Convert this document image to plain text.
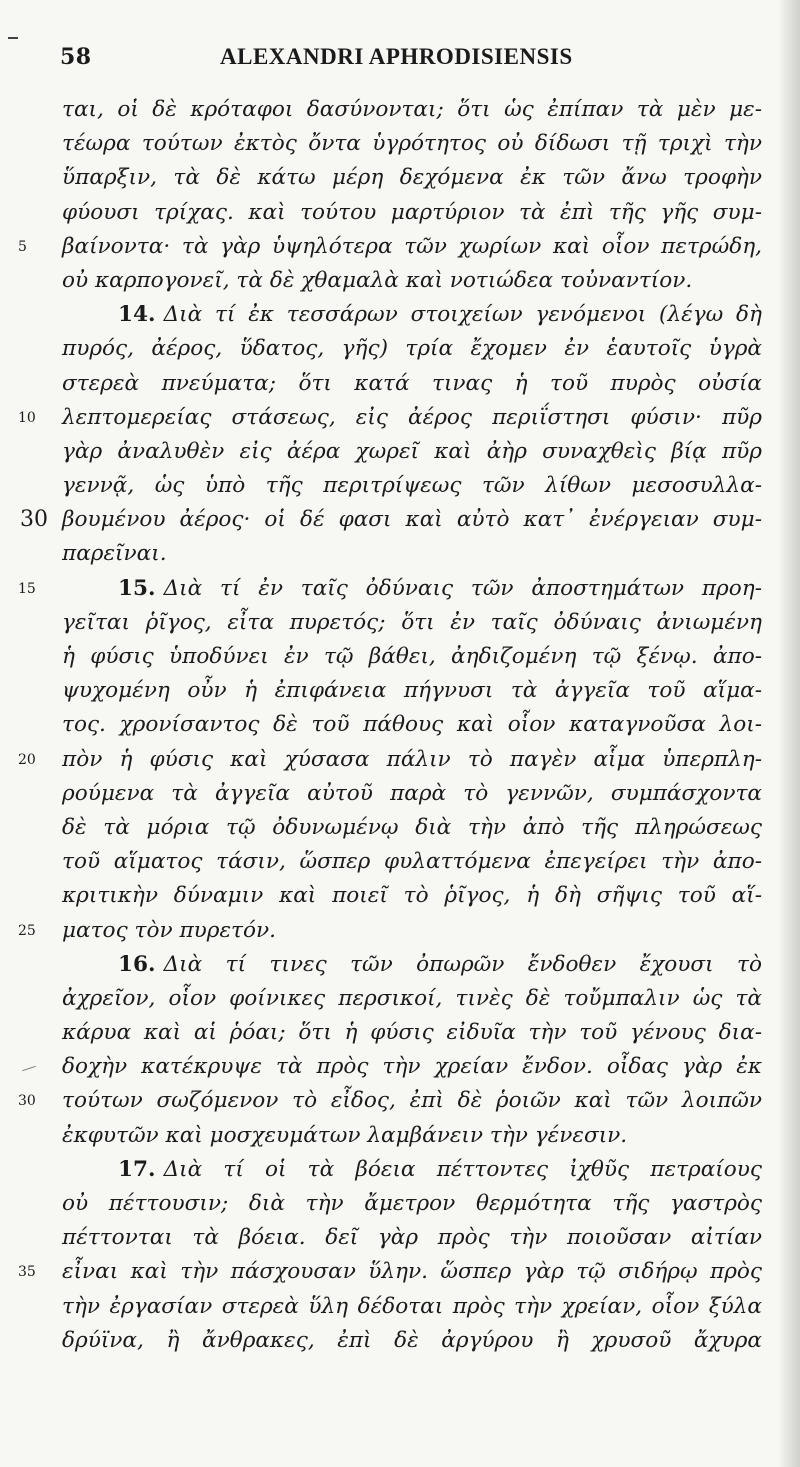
58	ALEXANDRI APHRODISIENSIS
ται, οἱ δὲ κρόταφοι δασύνονται; ὅτι ὡς ἐπίπαν τὰ μὲν με-
τέωρα τούτων ἐκτὸς ὄντα ὑγρότητος οὐ δίδωσι τῇ τριχὶ τὴν
ὕπαρξιν, τὰ δὲ κάτω μέρη δεχόμενα ἐκ τῶν ἄνω τροφὴν
φύουσι τρίχας. καὶ τούτου μαρτύριον τὰ ἐπὶ τῆς γῆς συμ-
5	βαίνοντα· τὰ γὰρ ὑψηλότερα τῶν χωρίων καὶ οἷον πετρώδη,
οὐ καρπογονεῖ, τὰ δὲ χθαμαλὰ καὶ νοτιώδεα τοὐναντίον.
14. Διὰ τί ἐκ τεσσάρων στοιχείων γενόμενοι (λέγω δὴ
πυρός, ἀέρος, ὕδατος, γῆς) τρία ἔχομεν ἐν ἑαυτοῖς ὑγρὰ
στερεὰ πνεύματα; ὅτι κατά τινας ἡ τοῦ πυρὸς οὐσία
10	λεπτομερείας στάσεως, εἰς ἀέρος περιΐστησι φύσιν· πῦρ
γὰρ ἀναλυθὲν εἰς ἀέρα χωρεῖ καὶ ἀὴρ συναχθεὶς βίᾳ πῦρ
γεννᾷ, ὡς ὑπὸ τῆς περιτρίψεως τῶν λίθων μεσοσυλλα-
30 βουμένου ἀέρος· οἱ δέ φασι καὶ αὐτὸ κατ᾽ ἐνέργειαν συμ-
παρεῖναι.
15	15. Διὰ τί ἐν ταῖς ὀδύναις τῶν ἀποστημάτων προη-
γεῖται ῥῖγος, εἶτα πυρετός; ὅτι ἐν ταῖς ὀδύναις ἀνιωμένη
ἡ φύσις ὑποδύνει ἐν τῷ βάθει, ἀηδιζομένη τῷ ξένῳ. ἀπο-
ψυχομένη οὖν ἡ ἐπιφάνεια πήγνυσι τὰ ἀγγεῖα τοῦ αἵμα-
τος. χρονίσαντος δὲ τοῦ πάθους καὶ οἷον καταγνοῦσα λοι-
20	πὸν ἡ φύσις καὶ χύσασα πάλιν τὸ παγὲν αἷμα ὑπερπλη-
ρούμενα τὰ ἀγγεῖα αὐτοῦ παρὰ τὸ γεννῶν, συμπάσχοντα
δὲ τὰ μόρια τῷ ὀδυνωμένῳ διὰ τὴν ἀπὸ τῆς πληρώσεως
τοῦ αἵματος τάσιν, ὥσπερ φυλαττόμενα ἐπεγείρει τὴν ἀπο-
κριτικὴν δύναμιν καὶ ποιεῖ τὸ ῥῖγος, ἡ δὴ σῆψις τοῦ αἵ-
25	ματος τὸν πυρετόν.
16. Διὰ τί τινες τῶν ὀπωρῶν ἔνδοθεν ἔχουσι τὸ
ἀχρεῖον, οἷον φοίνικες περσικοί, τινὲς δὲ τοὔμπαλιν ὡς τὰ
κάρυα καὶ αἱ ῥόαι; ὅτι ἡ φύσις εἰδυῖα τὴν τοῦ γένους δια-
δοχὴν κατέκρυψε τὰ πρὸς τὴν χρείαν ἔνδον. οἶδας γὰρ ἐκ
30	τούτων σωζόμενον τὸ εἶδος, ἐπὶ δὲ ῥοιῶν καὶ τῶν λοιπῶν
ἐκφυτῶν καὶ μοσχευμάτων λαμβάνειν τὴν γένεσιν.
17. Διὰ τί οἱ τὰ βόεια πέττοντες ἰχθῦς πετραίους
οὐ πέττουσιν; διὰ τὴν ἄμετρον θερμότητα τῆς γαστρὸς
πέττονται τὰ βόεια. δεῖ γὰρ πρὸς τὴν ποιοῦσαν αἰτίαν
35	εἶναι καὶ τὴν πάσχουσαν ὕλην. ὥσπερ γὰρ τῷ σιδήρῳ πρὸς
τὴν ἐργασίαν στερεὰ ὕλη δέδοται πρὸς τὴν χρείαν, οἷον ξύλα
δρύϊνα, ἢ ἄνθρακες, ἐπὶ δὲ ἀργύρου ἢ χρυσοῦ ἄχυρα
